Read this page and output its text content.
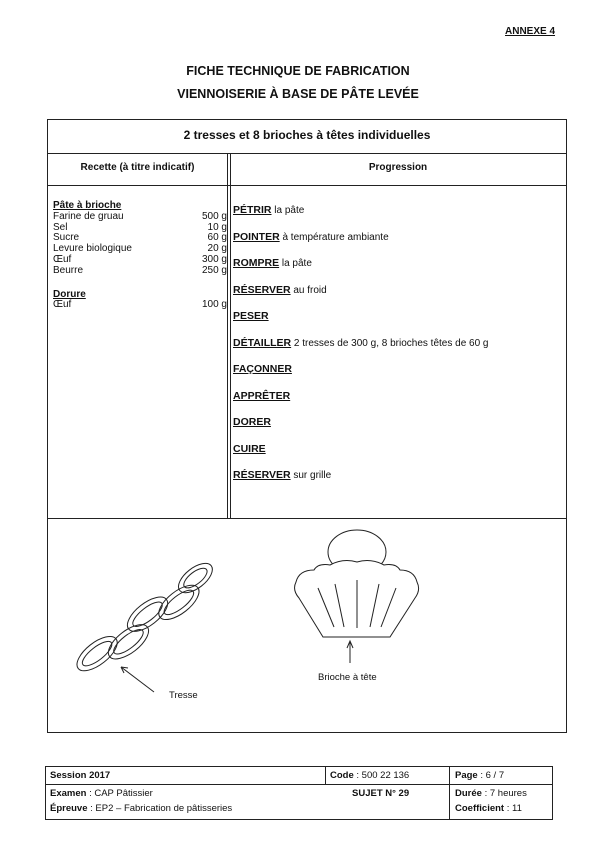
ANNEXE 4
FICHE TECHNIQUE DE FABRICATION
VIENNOISERIE À BASE DE PÂTE LEVÉE
2 tresses et 8 brioches à têtes individuelles
Recette (à titre indicatif)	Progression
Pâte à brioche
Farine de gruau	500 g
Sel	10 g
Sucre	60 g
Levure biologique	20 g
Œuf	300 g
Beurre	250 g
Dorure
Œuf	100 g
PÉTRIR la pâte
POINTER à température ambiante
ROMPRE la pâte
RÉSERVER au froid
PESER
DÉTAILLER 2 tresses de 300 g, 8 brioches têtes de 60 g
FAÇONNER
APPRÊTER
DORER
CUIRE
RÉSERVER sur grille
Tresse
Brioche à tête
Session 2017	Code : 500 22 136	Page : 6 / 7
Examen : CAP Pâtissier	SUJET N° 29	Durée : 7 heures
Épreuve : EP2 – Fabrication de pâtisseries	Coefficient : 11
